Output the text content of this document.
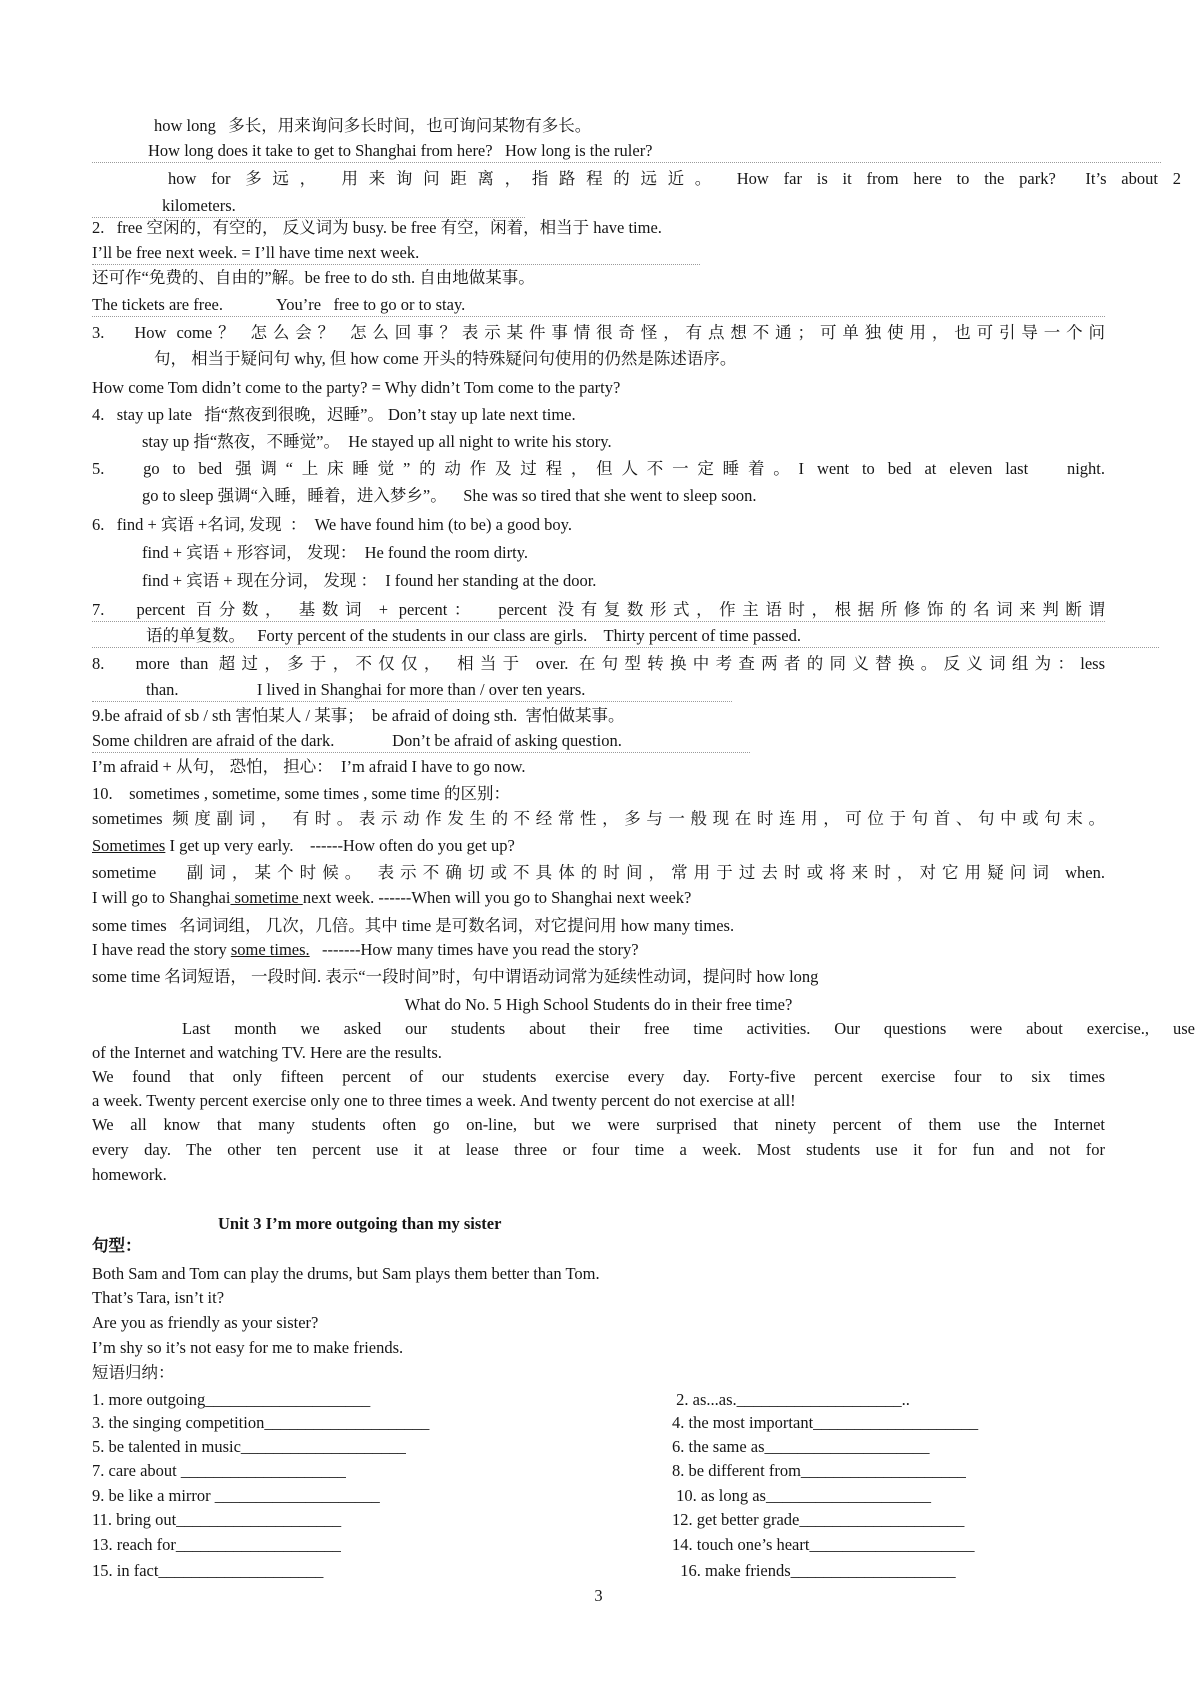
how long   多长，用来询问多长时间，也可询问某物有多长。
How long does it take to get to Shanghai from here?   How long is the ruler?
how for 多远， 用来询问距离，指路程的远近。 How far is it from here to the park?  It’s about 2
kilometers.
2.   free 空闲的，有空的， 反义词为 busy. be free 有空，闲着，相当于 have time.
I’ll be free next week. = I’ll have time next week.
还可作“免费的、自由的”解。be free to do sth. 自由地做某事。
The tickets are free.             You’re   free to go or to stay.
3.   How come？ 怎么会？ 怎么回事？表示某件事情很奇怪，有点想不通；可单独使用，也可引导一个问
句， 相当于疑问句 why, 但 how come 开头的特殊疑问句使用的仍然是陈述语序。
How come Tom didn’t come to the party? = Why didn’t Tom come to the party?
4.   stay up late   指“熬夜到很晚，迟睡”。 Don’t stay up late next time.
stay up 指“熬夜，不睡觉”。  He stayed up all night to write his story.
5.   go to bed 强调“上床睡觉”的动作及过程，但人不一定睡着。I went to bed at eleven last   night.
go to sleep 强调“入睡，睡着，进入梦乡”。    She was so tired that she went to sleep soon.
6.   find + 宾语 +名词, 发现  ：  We have found him (to be) a good boy.
find + 宾语 + 形容词， 发现：  He found the room dirty.
find + 宾语 + 现在分词， 发现 ：  I found her standing at the door.
7.   percent 百分数， 基数词 + percent：  percent 没有复数形式，作主语时，根据所修饰的名词来判断谓
语的单复数。   Forty percent of the students in our class are girls.    Thirty percent of time passed.
8.   more than 超过，多于，不仅仅， 相当于 over. 在句型转换中考查两者的同义替换。反义词组为：less
than.                   I lived in Shanghai for more than / over ten years.
9.be afraid of sb / sth 害怕某人 / 某事；  be afraid of doing sth.  害怕做某事。
Some children are afraid of the dark.              Don’t be afraid of asking question.
I’m afraid + 从句， 恐怕， 担心：  I’m afraid I have to go now.
10.    sometimes , sometime, some times , some time 的区别：
sometimes 频度副词， 有时。表示动作发生的不经常性，多与一般现在时连用，可位于句首、句中或句末。
Sometimes I get up very early.    ------How often do you get up?
sometime   副词，某个时候。 表示不确切或不具体的时间，常用于过去时或将来时，对它用疑问词 when.
I will go to Shanghai sometime next week. ------When will you go to Shanghai next week?
some times   名词词组， 几次，几倍。其中 time 是可数名词，对它提问用 how many times.
I have read the story some times.   -------How many times have you read the story?
some time 名词短语， 一段时间. 表示“一段时间”时，句中谓语动词常为延续性动词，提问时 how long
What do No. 5 High School Students do in their free time?
Last month we asked our students about their free time activities. Our questions were about exercise., use
of the Internet and watching TV. Here are the results.
We found that only fifteen percent of our students exercise every day. Forty-five percent exercise four to six times
a week. Twenty percent exercise only one to three times a week. And twenty percent do not exercise at all!
We all know that many students often go on-line, but we were surprised that ninety percent of them use the Internet
every day. The other ten percent use it at lease three or four time a week. Most students use it for fun and not for
homework.
Unit 3 I’m more outgoing than my sister
句型：
Both Sam and Tom can play the drums, but Sam plays them better than Tom.
That’s Tara, isn’t it?
Are you as friendly as your sister?
I’m shy so it’s not easy for me to make friends.
短语归纳：
1. more outgoing____________________	2. as...as.____________________..
3. the singing competition____________________	4. the most important____________________
5. be talented in music____________________	6. the same as____________________
7. care about ____________________	8. be different from____________________
9. be like a mirror ____________________	10. as long as____________________
11. bring out____________________	12. get better grade____________________
13. reach for____________________	14. touch one’s heart____________________
15. in fact____________________	16. make friends____________________
3
